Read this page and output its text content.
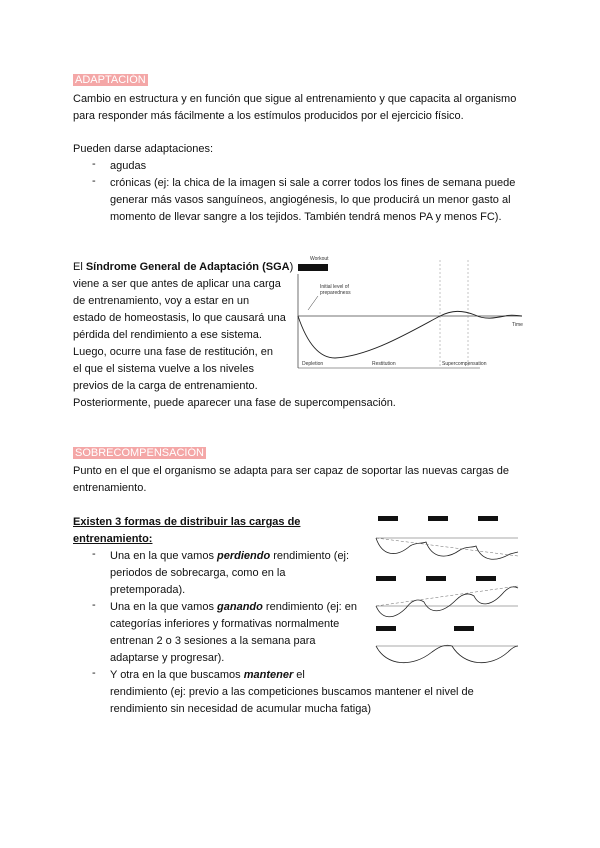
ADAPTACIÓN
Cambio en estructura y en función que sigue al entrenamiento y que capacita al organismo
para responder más fácilmente a los estímulos producidos por el ejercicio físico.
Pueden darse adaptaciones:
- agudas
- crónicas (ej: la chica de la imagen si sale a correr todos los fines de semana puede
generar más vasos sanguíneos, angiogénesis, lo que producirá un menor gasto al
momento de llevar sangre a los tejidos. También tendrá menos PA y menos FC).
El Síndrome General de Adaptación (SGA)
viene a ser que antes de aplicar una carga
de entrenamiento, voy a estar en un
estado de homeostasis, lo que causará una
pérdida del rendimiento a ese sistema.
Luego, ocurre una fase de restitución, en
el que el sistema vuelve a los niveles
previos de la carga de entrenamiento.
Posteriormente, puede aparecer una fase de supercompensación.
Workout
Time
Initial level of
preparedness
Depletion	Restitution	Supercompensation
SOBRECOMPENSACIÓN
Punto en el que el organismo se adapta para ser capaz de soportar las nuevas cargas de
entrenamiento.
Existen 3 formas de distribuir las cargas de
entrenamiento:
- Una en la que vamos perdiendo rendimiento (ej:
periodos de sobrecarga, como en la
pretemporada).
- Una en la que vamos ganando rendimiento (ej: en
categorías inferiores y formativas normalmente
entrenan 2 o 3 sesiones a la semana para
adaptarse y progresar).
- Y otra en la que buscamos mantener el
rendimiento (ej: previo a las competiciones buscamos mantener el nivel de
rendimiento sin necesidad de acumular mucha fatiga)
